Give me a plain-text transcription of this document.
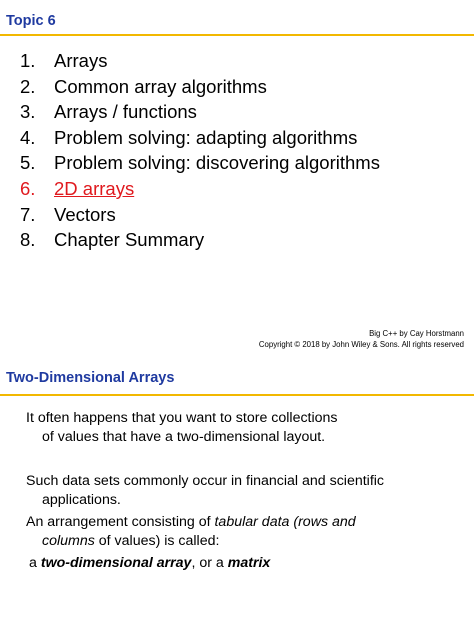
Topic 6
1. Arrays
2. Common array algorithms
3. Arrays / functions
4. Problem solving: adapting algorithms
5. Problem solving: discovering algorithms
6. 2D arrays
7. Vectors
8. Chapter Summary
Big C++ by Cay Horstmann
Copyright © 2018 by John Wiley & Sons. All rights reserved
Two-Dimensional Arrays
It often happens that you want to store collections
of values that have a two-dimensional layout.
Such data sets commonly occur in financial and scientific
applications.
An arrangement consisting of tabular data (rows and
columns of values) is called:
a two-dimensional array, or a matrix
